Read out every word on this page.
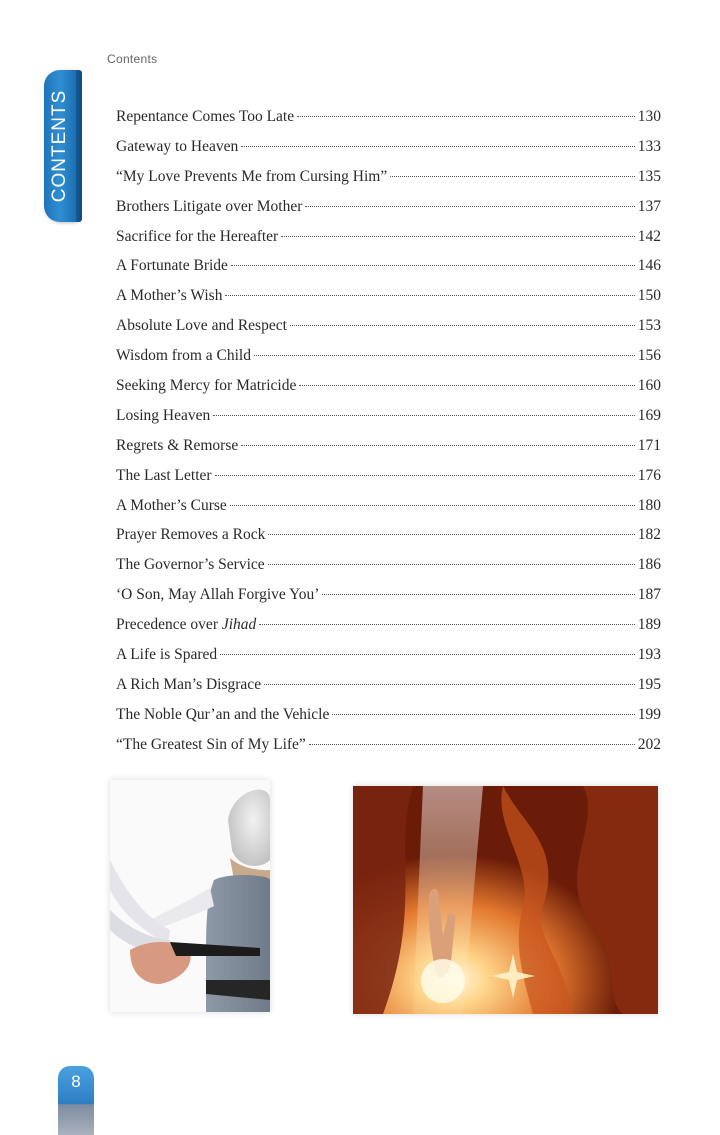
Contents
CONTENTS	Repentance Comes Too Late	130
Gateway to Heaven	133
“My Love Prevents Me from Cursing Him”	135
Brothers Litigate over Mother	137
Sacrifice for the Hereafter	142
A Fortunate Bride	146
A Mother’s Wish	150
Absolute Love and Respect	153
Wisdom from a Child	156
Seeking Mercy for Matricide	160
Losing Heaven	169
Regrets & Remorse	171
The Last Letter	176
A Mother’s Curse	180
Prayer Removes a Rock	182
The Governor’s Service	186
‘O Son, May Allah Forgive You’	187
Precedence over Jihad	189
A Life is Spared	193
A Rich Man’s Disgrace	195
The Noble Qur’an and the Vehicle	199
“The Greatest Sin of My Life”	202
8
